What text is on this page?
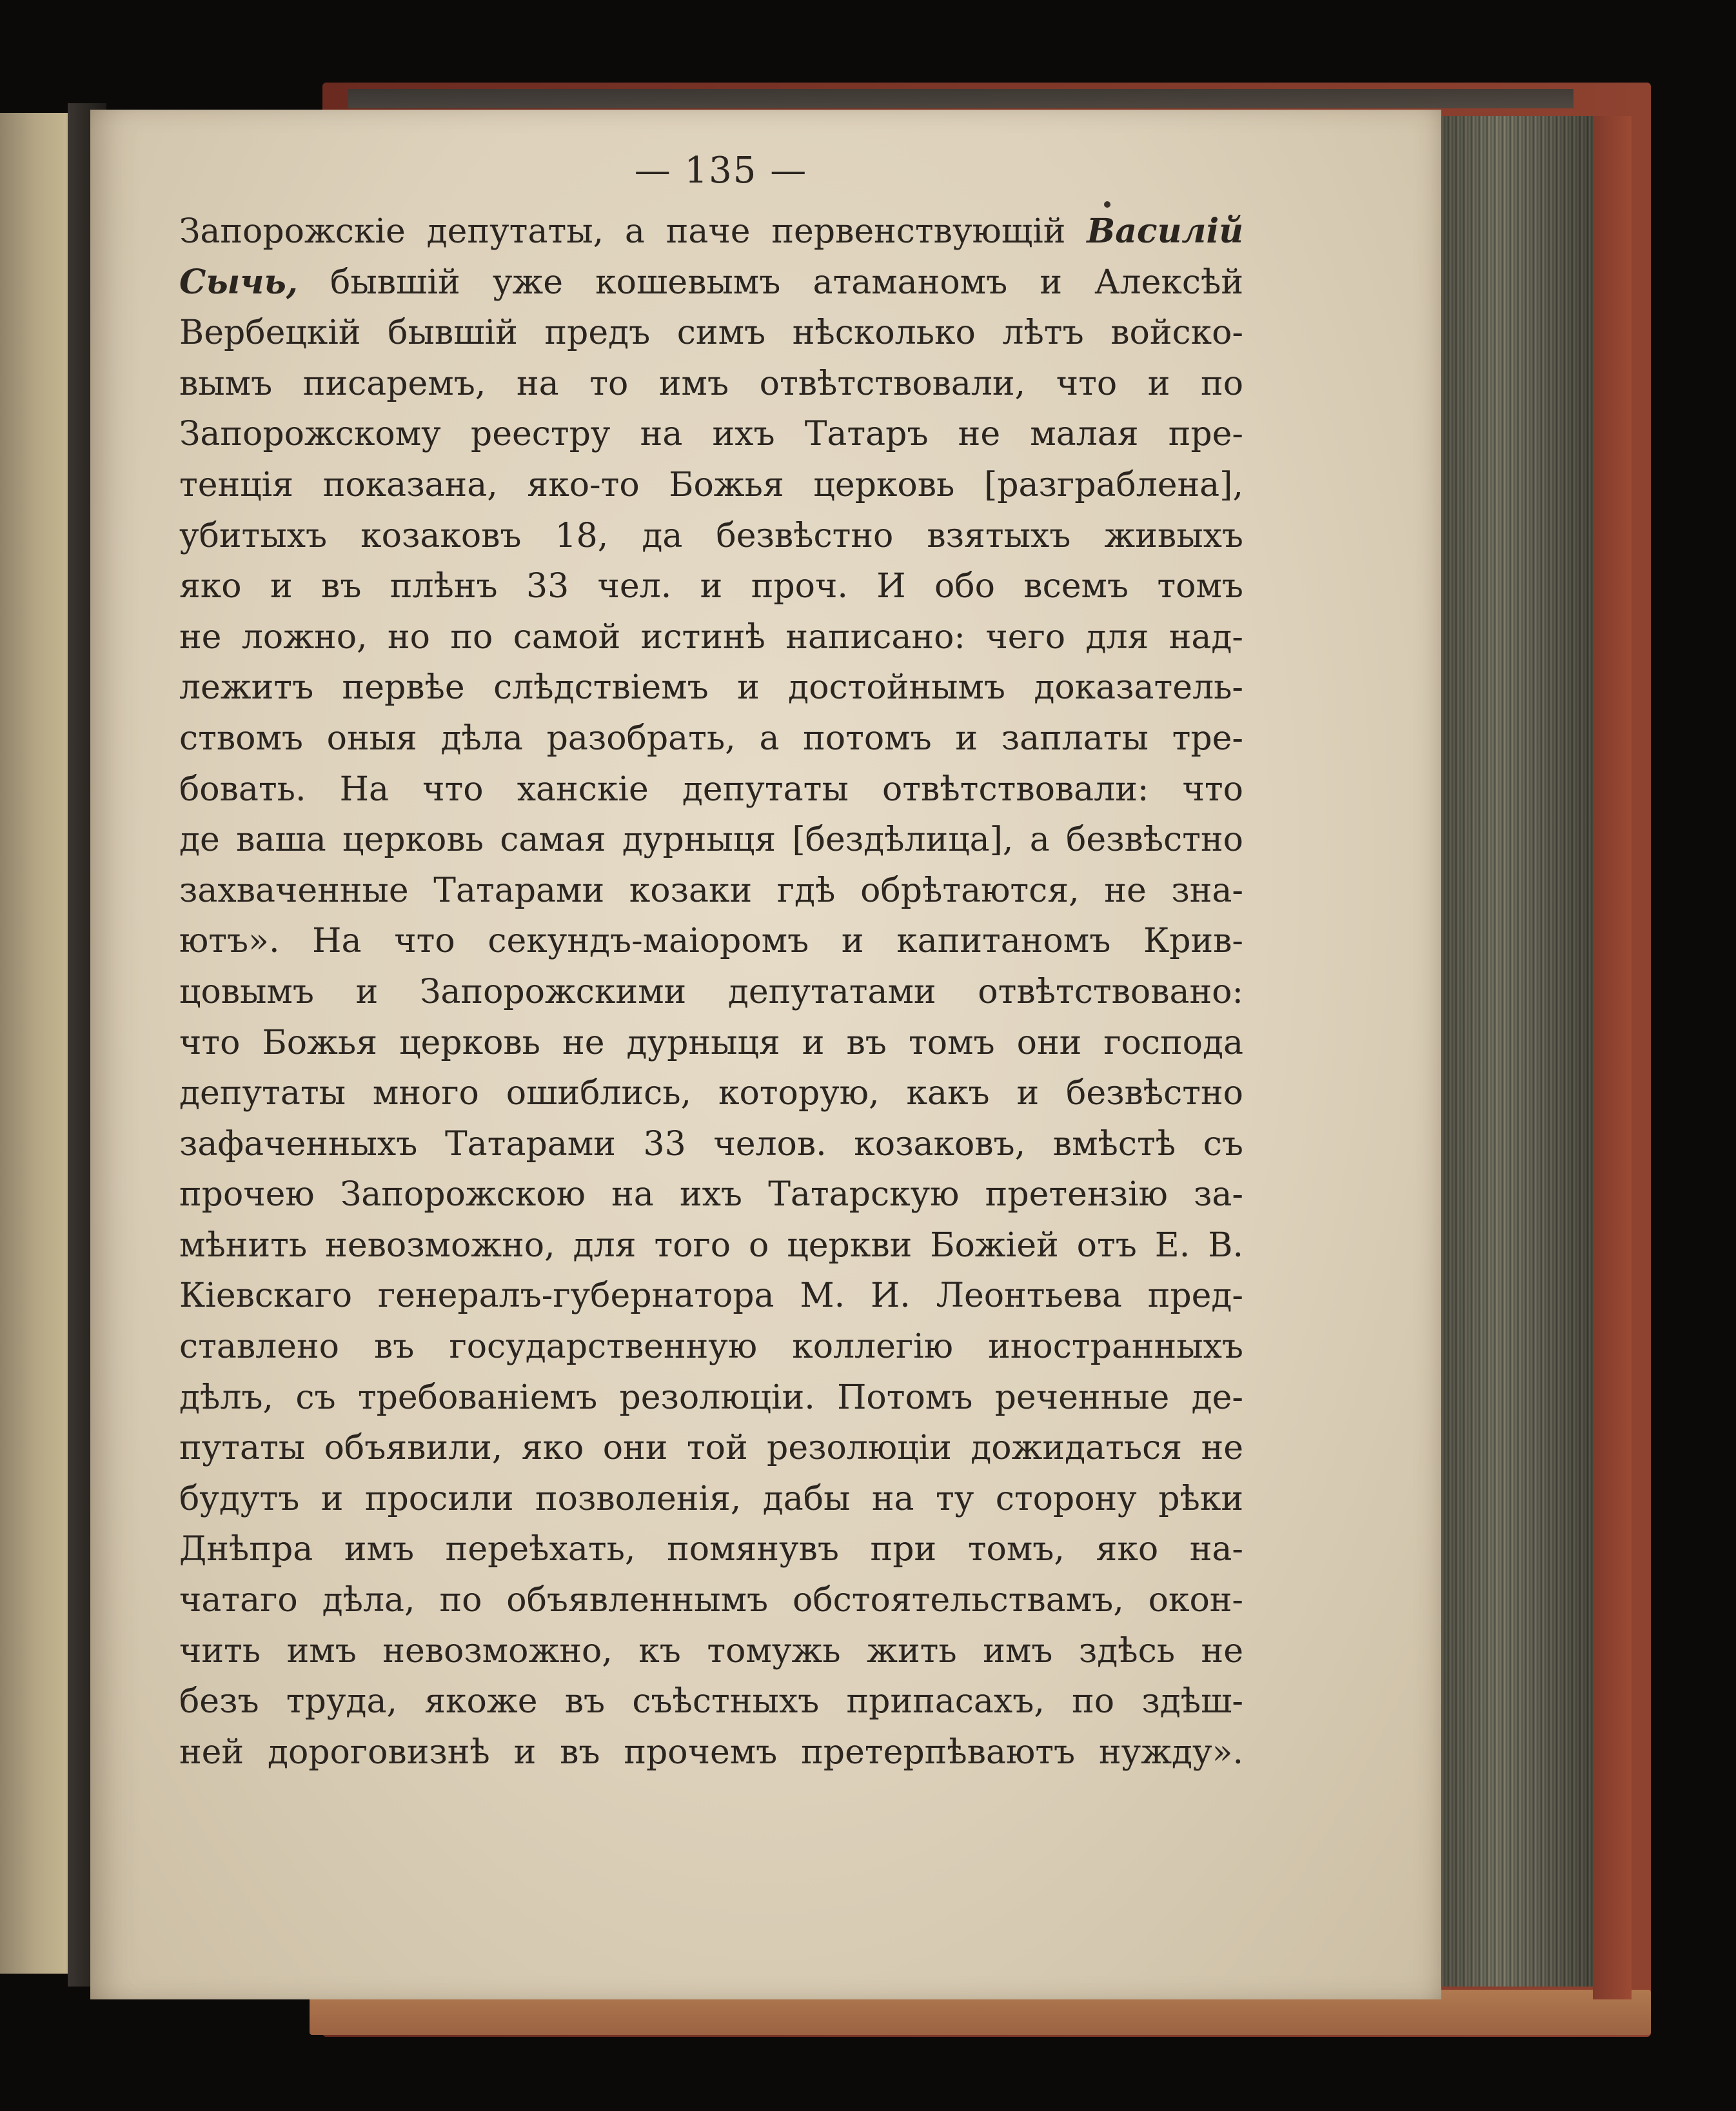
— 135 —
Запорожскiе депутаты, а паче первенствующiй Василiй
Сычь, бывшiй уже кошевымъ атаманомъ и Алексѣй
Вербецкiй бывшiй предъ симъ нѣсколько лѣтъ войско-
вымъ писаремъ, на то имъ отвѣтствовали, что и по
Запорожскому реестру на ихъ Татаръ не малая пре-
тенцiя показана, яко-то Божья церковь [разграблена],
убитыхъ козаковъ 18, да безвѣстно взятыхъ живыхъ
яко и въ плѣнъ 33 чел. и проч. И обо всемъ томъ
не ложно, но по самой истинѣ написано: чего для над-
лежитъ первѣе слѣдствiемъ и достойнымъ доказатель-
ствомъ оныя дѣла разобрать, а потомъ и заплаты тре-
бовать. На что ханскiе депутаты отвѣтствовали: что
де ваша церковь самая дурныця [бездѣлица], а безвѣстно
захваченные Татарами козаки гдѣ обрѣтаются, не зна-
ютъ». На что секундъ-маiоромъ и капитаномъ Крив-
цовымъ и Запорожскими депутатами отвѣтствовано:
что Божья церковь не дурныця и въ томъ они господа
депутаты много ошиблись, которую, какъ и безвѣстно
зафаченныхъ Татарами 33 челов. козаковъ, вмѣстѣ съ
прочею Запорожскою на ихъ Татарскую претензiю за-
мѣнить невозможно, для того о церкви Божiей отъ Е. В.
Кiевскаго генералъ-губернатора М. И. Леонтьева пред-
ставлено въ государственную коллегiю иностранныхъ
дѣлъ, съ требованiемъ резолюцiи. Потомъ реченные де-
путаты объявили, яко они той резолюцiи дожидаться не
будутъ и просили позволенiя, дабы на ту сторону рѣки
Днѣпра имъ переѣхать, помянувъ при томъ, яко на-
чатаго дѣла, по объявленнымъ обстоятельствамъ, окон-
чить имъ невозможно, къ томужь жить имъ здѣсь не
безъ труда, якоже въ съѣстныхъ припасахъ, по здѣш-
ней дороговизнѣ и въ прочемъ претерпѣваютъ нужду».
